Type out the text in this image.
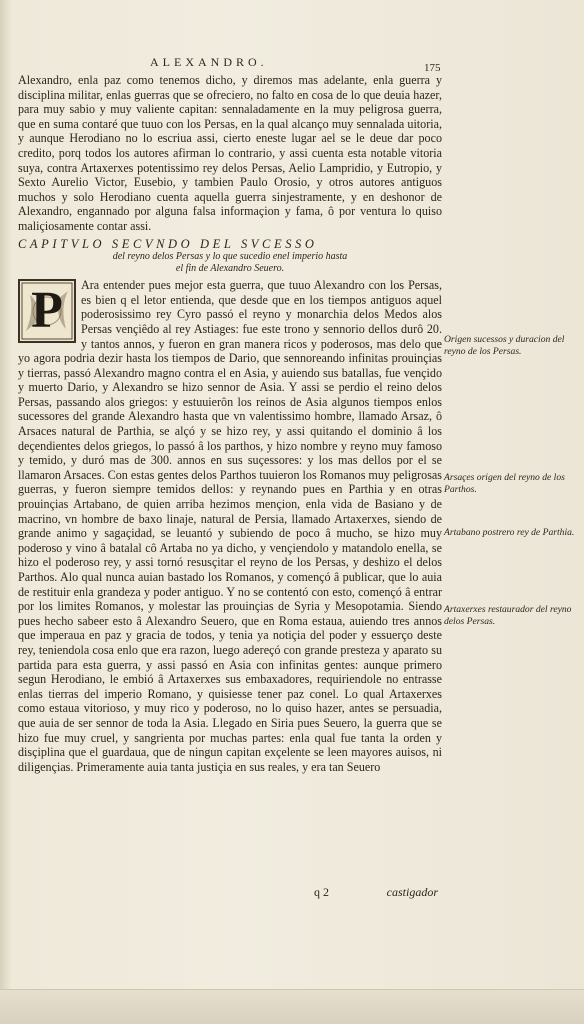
ALEXANDRO.	175

Alexandro, enla paz como tenemos dicho, y diremos mas adelante, enla guerra y disciplina militar, enlas guerras que se ofreciero, no falto en cosa de lo que deuia hazer, para muy sabio y muy valiente capitan: sennaladamente en la muy peligrosa guerra, que en suma contaré que tuuo con los Persas, en la qual alcanço muy sennalada uitoria, y aunque Herodiano no lo escriua assi, cierto eneste lugar ael se le deue dar poco credito, porq todos los autores afirman lo contrario, y assi cuenta esta notable vitoria suya, contra Artaxerxes potentissimo rey delos Persas, Aelio Lampridio, y Eutropio, y Sexto Aurelio Victor, Eusebio, y tambien Paulo Orosio, y otros autores antiguos muchos y solo Herodiano cuenta aquella guerra sinjestramente, y en deshonor de Alexandro, engannado por alguna falsa informaçion y fama, ô por ventura lo quiso maliçiosamente contar assi.

CAPITVLO SECVNDO DEL SVCESSO
del reyno delos Persas y lo que sucedio enel imperio hasta
el fin de Alexandro Seuero.
P	Ara entender pues mejor esta guerra, que tuuo Alexandro con los Persas, es bien q el letor entienda, que desde que en los tiempos antiguos aquel poderosissimo rey Cyro passó el reyno y monarchia delos Medos alos Persas vençiêdo al rey Astiages: fue este trono y sennorio dellos durô 20. y tantos annos, y fueron en gran manera ricos y poderosos, mas delo que yo agora podria dezir hasta los tiempos de Dario, que sennoreando infinitas prouinçias y tierras, passó Alexandro magno contra el en Asia, y auiendo sus batallas, fue vençido y muerto Dario, y Alexandro se hizo sennor de Asia. Y assi se perdio el reino delos Persas, passando alos griegos: y estuuierôn los reinos de Asia algunos tiempos enlos sucessores del grande Alexandro hasta que vn valentissimo hombre, llamado Arsaz, ô Arsaces natural de Parthia, se alçó y se hizo rey, y assi quitando el dominio â los deçendientes delos griegos, lo passó â los parthos, y hizo nombre y reyno muy famoso y temido, y duró mas de 300. annos en sus suçessores: y los mas dellos por el se llamaron Arsaces. Con estas gentes delos Parthos tuuieron los Romanos muy peligrosas guerras, y fueron siempre temidos dellos: y reynando pues en Parthia y en otras prouinçias Artabano, de quien arriba hezimos mençion, enla vida de Basiano y de macrino, vn hombre de baxo linaje, natural de Persia, llamado Artaxerxes, siendo de grande animo y sagaçidad, se leuantó y subiendo de poco â mucho, se hizo muy poderoso y vino â batalal cô Artaba no ya dicho, y vençiendolo y matandolo enella, se hizo el poderoso rey, y assi tornó resusçitar el reyno de los Persas, y deshizo el delos Parthos. Alo qual nunca auian bastado los Romanos, y començó â publicar, que lo auia de restituir enla grandeza y poder antiguo. Y no se contentó con esto, començó â entrar por los limites Romanos, y molestar las prouinçias de Syria y Mesopotamia. Siendo pues hecho sabeer esto â Alexandro Seuero, que en Roma estaua, auiendo tres annos que imperaua en paz y gracia de todos, y tenia ya notiçia del poder y essuerço deste rey, teniendola cosa enlo que era razon, luego adereçó con grande presteza y aparato su partida para esta guerra, y assi passó en Asia con infinitas gentes: aunque primero segun Herodiano, le embió â Artaxerxes sus embaxadores, requiriendole no entrasse enlas tierras del imperio Romano, y quisiesse tener paz conel. Lo qual Artaxerxes como estaua vitorioso, y muy rico y poderoso, no lo quiso hazer, antes se persuadia, que auia de ser sennor de toda la Asia. Llegado en Siria pues Seuero, la guerra que se hizo fue muy cruel, y sangrienta por muchas partes: enla qual fue tanta la orden y disçiplina que el guardaua, que de ningun capitan exçelente se leen mayores auisos, ni diligençias. Primeramente auia tanta justiçia en sus reales, y era tan Seuero

Origen sucessos y duracion del reyno de los Persas.
Arsaçes origen del reyno de los Parthos.
Artabano postrero rey de Parthia.
Artaxerxes restaurador del reyno delos Persas.
q 2	castigador
